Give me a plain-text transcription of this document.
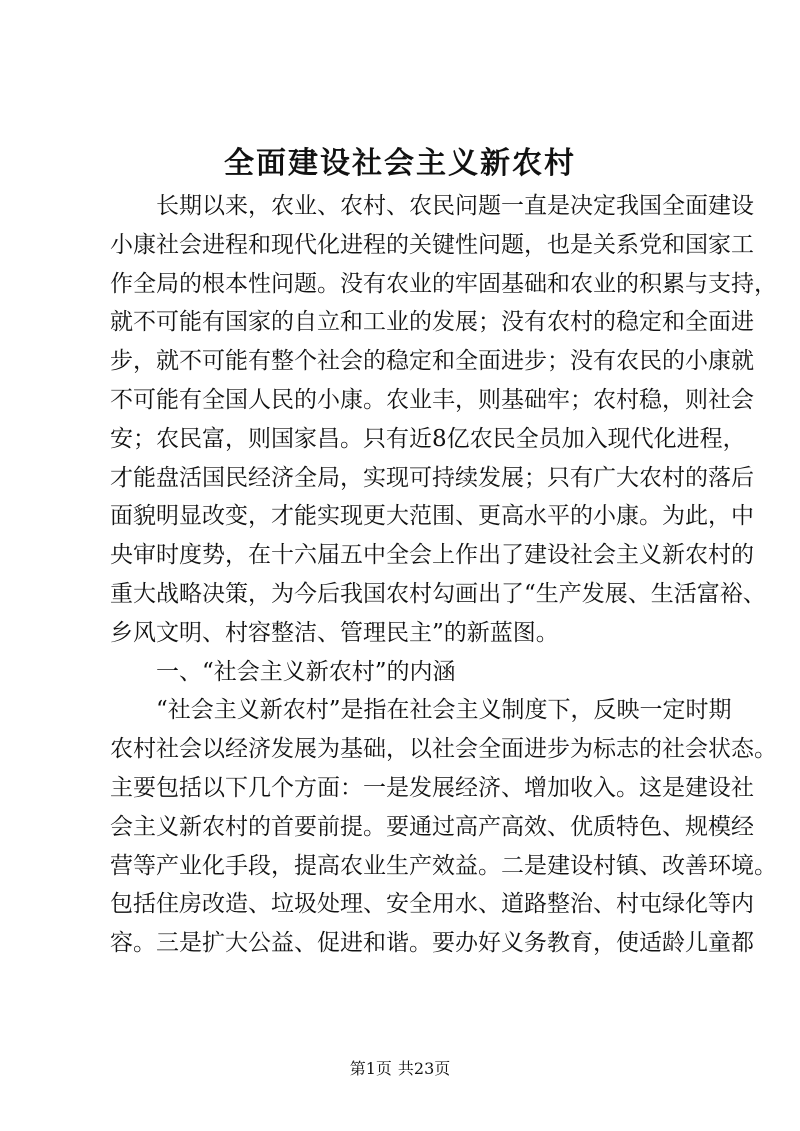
全面建设社会主义新农村
长期以来，农业、农村、农民问题一直是决定我国全面建设
小康社会进程和现代化进程的关键性问题，也是关系党和国家工
作全局的根本性问题。没有农业的牢固基础和农业的积累与支持，
就不可能有国家的自立和工业的发展；没有农村的稳定和全面进
步，就不可能有整个社会的稳定和全面进步；没有农民的小康就
不可能有全国人民的小康。农业丰，则基础牢；农村稳，则社会
安；农民富，则国家昌。只有近8亿农民全员加入现代化进程，
才能盘活国民经济全局，实现可持续发展；只有广大农村的落后
面貌明显改变，才能实现更大范围、更高水平的小康。为此，中
央审时度势，在十六届五中全会上作出了建设社会主义新农村的
重大战略决策，为今后我国农村勾画出了“生产发展、生活富裕、
乡风文明、村容整洁、管理民主”的新蓝图。
一、“社会主义新农村”的内涵
“社会主义新农村”是指在社会主义制度下，反映一定时期
农村社会以经济发展为基础，以社会全面进步为标志的社会状态。
主要包括以下几个方面：一是发展经济、增加收入。这是建设社
会主义新农村的首要前提。要通过高产高效、优质特色、规模经
营等产业化手段，提高农业生产效益。二是建设村镇、改善环境。
包括住房改造、垃圾处理、安全用水、道路整治、村屯绿化等内
容。三是扩大公益、促进和谐。要办好义务教育，使适龄儿童都
第1页 共23页
